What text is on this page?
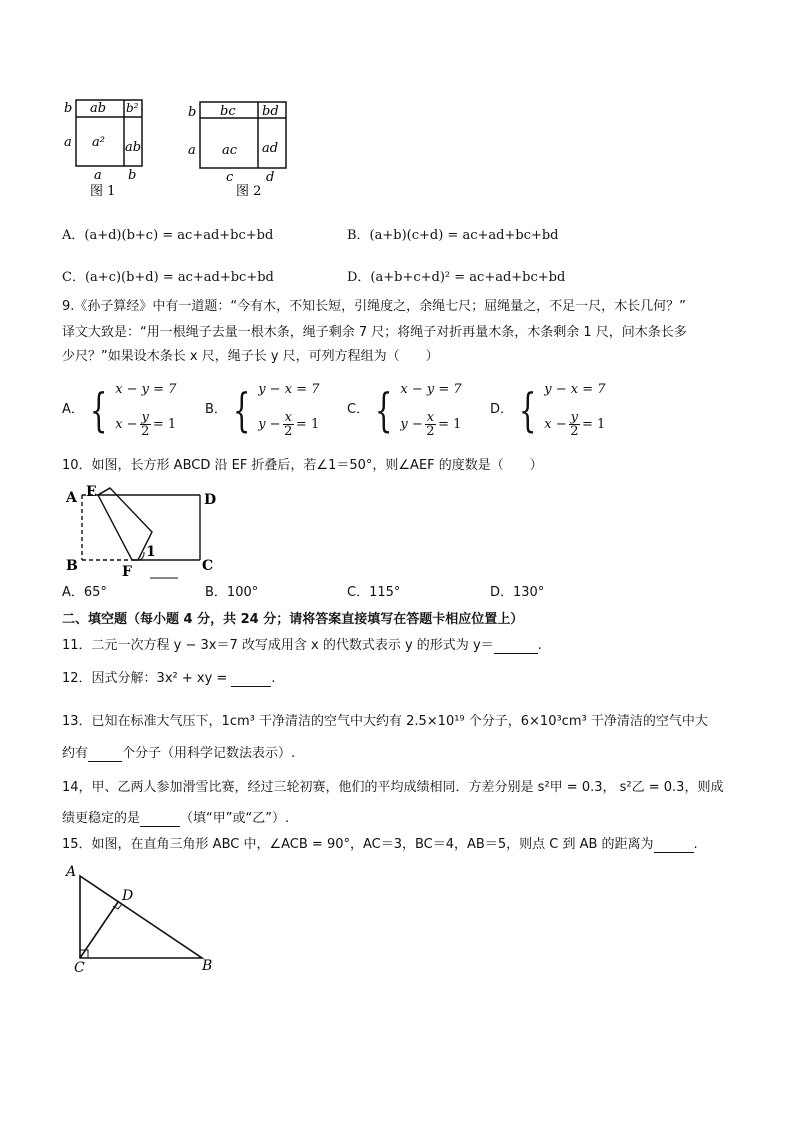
b ab b²
a a² ab
a b
图 1
b bc bd
a ac ad
c	d
图 2
A．(a+d)(b+c) = ac+ad+bc+bd	B．(a+b)(c+d) = ac+ad+bc+bd
C．(a+c)(b+d) = ac+ad+bc+bd	D．(a+b+c+d)² = ac+ad+bc+bd
9.《孙子算经》中有一道题：“今有木，不知长短，引绳度之，余绳七尺；屈绳量之，不足一尺，木长几何？”
译文大致是：“用一根绳子去量一根木条，绳子剩余 7 尺；将绳子对折再量木条，木条剩余 1 尺，问木条长多
少尺？”如果设木条长 x 尺，绳子长 y 尺，可列方程组为（　　）
A． { x − y = 7
$x - \frac{y}{2} = 1$
B． { y − x = 7
$y - \frac{x}{2} = 1$
C． { x − y = 7
$y - \frac{x}{2} = 1$
D． { y − x = 7
$x - \frac{y}{2} = 1$
10．如图，长方形 ABCD 沿 EF 折叠后，若∠1＝50°，则∠AEF 的度数是（　　）
A E	D
B	F	C
1
A．65°	B．100°	C．115°	D．130°
二、填空题（每小题 4 分，共 24 分；请将答案直接填写在答题卡相应位置上）
11．二元一次方程 y − 3x＝7 改写成用含 x 的代数式表示 y 的形式为 y＝	.
12．因式分解：3x² + xy =	.
13．已知在标准大气压下，1cm³ 干净清洁的空气中大约有 2.5×10¹⁹ 个分子，6×10³cm³ 干净清洁的空气中大
约有	个分子（用科学记数法表示）.
14，甲、乙两人参加滑雪比赛，经过三轮初赛，他们的平均成绩相同．方差分别是 s²甲 = 0.3， s²乙 = 0.3，则成
绩更稳定的是	（填“甲”或“乙”）.
15．如图，在直角三角形 ABC 中，∠ACB = 90°，AC＝3，BC＝4，AB＝5，则点 C 到 AB 的距离为	.
A
D
C	B
